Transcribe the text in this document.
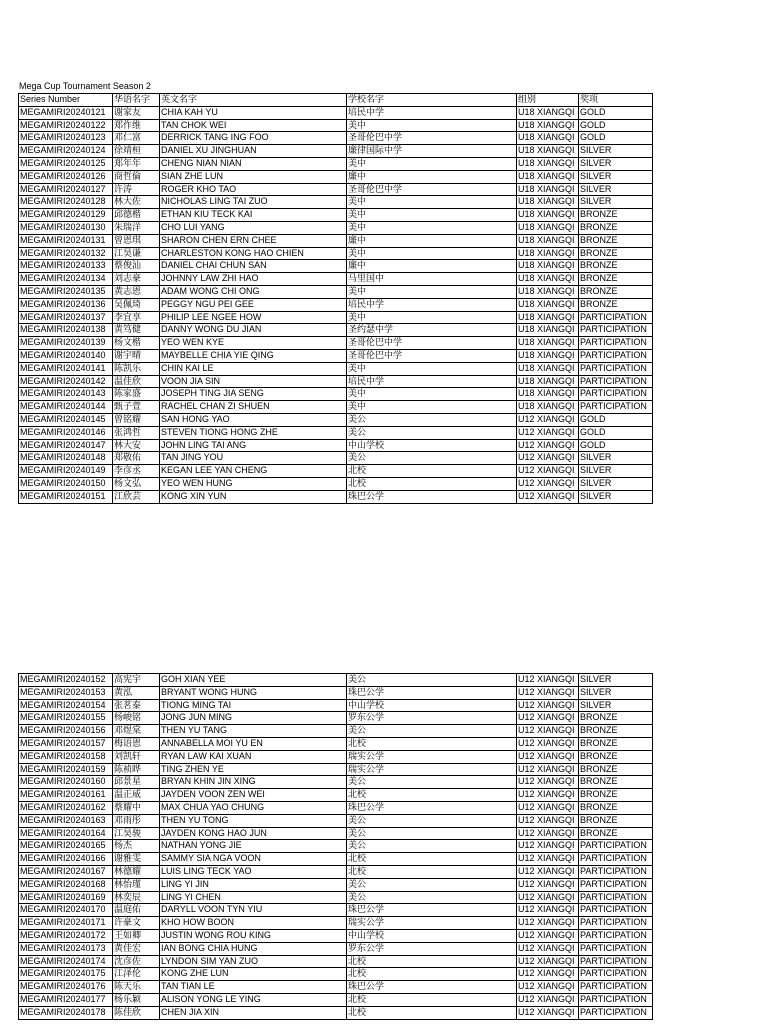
Mega Cup Tournament Season 2
Series Number	华语名字	英文名字	学校名字	组别	奖项
MEGAMIRI20240121	谢家友	CHIA KAH YU	培民中学	U18 XIANGQI	GOLD
MEGAMIRI20240122	郑作维	TAN CHOK WEI	美中	U18 XIANGQI	GOLD
MEGAMIRI20240123	邓仁富	DERRICK TANG ING FOO	圣哥伦巴中学	U18 XIANGQI	GOLD
MEGAMIRI20240124	徐靖桓	DANIEL XU JINGHUAN	廉律国际中学	U18 XIANGQI	SILVER
MEGAMIRI20240125	郑年年	CHENG NIAN NIAN	美中	U18 XIANGQI	SILVER
MEGAMIRI20240126	商哲倫	SIAN ZHE LUN	廉中	U18 XIANGQI	SILVER
MEGAMIRI20240127	许涛	ROGER KHO TAO	圣哥伦巴中学	U18 XIANGQI	SILVER
MEGAMIRI20240128	林大佐	NICHOLAS LING TAI ZUO	美中	U18 XIANGQI	SILVER
MEGAMIRI20240129	邱德楷	ETHAN KIU TECK KAI	美中	U18 XIANGQI	BRONZE
MEGAMIRI20240130	朱瑞洋	CHO LUI YANG	美中	U18 XIANGQI	BRONZE
MEGAMIRI20240131	曾恩琪	SHARON CHEN ERN CHEE	廉中	U18 XIANGQI	BRONZE
MEGAMIRI20240132	江昊谦	CHARLESTON KONG HAO CHIEN	美中	U18 XIANGQI	BRONZE
MEGAMIRI20240133	蔡俊汕	DANIEL CHAI CHUN SAN	廉中	U18 XIANGQI	BRONZE
MEGAMIRI20240134	刘志豪	JOHNNY LAW ZHI HAO	马里国中	U18 XIANGQI	BRONZE
MEGAMIRI20240135	黄志恩	ADAM WONG CHI ONG	美中	U18 XIANGQI	BRONZE
MEGAMIRI20240136	吴佩琦	PEGGY NGU PEI GEE	培民中学	U18 XIANGQI	BRONZE
MEGAMIRI20240137	李宜享	PHILIP LEE NGEE HOW	美中	U18 XIANGQI	PARTICIPATION
MEGAMIRI20240138	黄笃健	DANNY WONG DU JIAN	圣约瑟中学	U18 XIANGQI	PARTICIPATION
MEGAMIRI20240139	杨文楷	YEO WEN KYE	圣哥伦巴中学	U18 XIANGQI	PARTICIPATION
MEGAMIRI20240140	谢宇晴	MAYBELLE CHIA YIE QING	圣哥伦巴中学	U18 XIANGQI	PARTICIPATION
MEGAMIRI20240141	陈凯乐	CHIN KAI LE	美中	U18 XIANGQI	PARTICIPATION
MEGAMIRI20240142	温佳欣	VOON JIA SIN	培民中学	U18 XIANGQI	PARTICIPATION
MEGAMIRI20240143	陈家盛	JOSEPH TING JIA SENG	美中	U18 XIANGQI	PARTICIPATION
MEGAMIRI20240144	甄子萱	RACHEL CHAN ZI SHUEN	美中	U18 XIANGQI	PARTICIPATION
MEGAMIRI20240145	曾铭耀	SAN HONG YAO	美公	U12 XIANGQI	GOLD
MEGAMIRI20240146	张鸿哲	STEVEN TIONG HONG ZHE	美公	U12 XIANGQI	GOLD
MEGAMIRI20240147	林大安	JOHN LING TAI ANG	中山学校	U12 XIANGQI	GOLD
MEGAMIRI20240148	郑敬佑	TAN JING YOU	美公	U12 XIANGQI	SILVER
MEGAMIRI20240149	李彦丞	KEGAN LEE YAN CHENG	北校	U12 XIANGQI	SILVER
MEGAMIRI20240150	杨文弘	YEO WEN HUNG	北校	U12 XIANGQI	SILVER
MEGAMIRI20240151	江欣芸	KONG XIN YUN	珠巴公学	U12 XIANGQI	SILVER
MEGAMIRI20240152	高宪宇	GOH XIAN YEE	美公	U12 XIANGQI	SILVER
MEGAMIRI20240153	黄泓	BRYANT WONG HUNG	珠巴公学	U12 XIANGQI	SILVER
MEGAMIRI20240154	张茗泰	TIONG MING TAI	中山学校	U12 XIANGQI	SILVER
MEGAMIRI20240155	杨峻铭	JONG JUN MING	罗东公学	U12 XIANGQI	BRONZE
MEGAMIRI20240156	邓煜棠	THEN YU TANG	美公	U12 XIANGQI	BRONZE
MEGAMIRI20240157	梅语恩	ANNABELLA MOI YU EN	北校	U12 XIANGQI	BRONZE
MEGAMIRI20240158	刘凯轩	RYAN LAW KAI XUAN	瑞实公学	U12 XIANGQI	BRONZE
MEGAMIRI20240159	陈祯晔	TING ZHEN YE	瑞实公学	U12 XIANGQI	BRONZE
MEGAMIRI20240160	邱景星	BRYAN KHIN JIN XING	美公	U12 XIANGQI	BRONZE
MEGAMIRI20240161	温正威	JAYDEN VOON ZEN WEI	北校	U12 XIANGQI	BRONZE
MEGAMIRI20240162	蔡耀中	MAX CHUA YAO CHUNG	珠巴公学	U12 XIANGQI	BRONZE
MEGAMIRI20240163	邓雨彤	THEN YU TONG	美公	U12 XIANGQI	BRONZE
MEGAMIRI20240164	江昊骏	JAYDEN KONG HAO JUN	美公	U12 XIANGQI	BRONZE
MEGAMIRI20240165	杨杰	NATHAN YONG JIE	美公	U12 XIANGQI	PARTICIPATION
MEGAMIRI20240166	谢雅雯	SAMMY SIA NGA VOON	北校	U12 XIANGQI	PARTICIPATION
MEGAMIRI20240167	林德耀	LUIS LING TECK YAO	北校	U12 XIANGQI	PARTICIPATION
MEGAMIRI20240168	林怡瑾	LING YI JIN	美公	U12 XIANGQI	PARTICIPATION
MEGAMIRI20240169	林奕辰	LING YI CHEN	美公	U12 XIANGQI	PARTICIPATION
MEGAMIRI20240170	温庭佑	DARYLL VOON TYN YIU	珠巴公学	U12 XIANGQI	PARTICIPATION
MEGAMIRI20240171	许豪文	KHO HOW BOON	瑞实公学	U12 XIANGQI	PARTICIPATION
MEGAMIRI20240172	王如卿	JUSTIN WONG ROU KING	中山学校	U12 XIANGQI	PARTICIPATION
MEGAMIRI20240173	黄佳宏	IAN BONG CHIA HUNG	罗东公学	U12 XIANGQI	PARTICIPATION
MEGAMIRI20240174	沈彦佐	LYNDON SIM YAN ZUO	北校	U12 XIANGQI	PARTICIPATION
MEGAMIRI20240175	江泽伦	KONG ZHE LUN	北校	U12 XIANGQI	PARTICIPATION
MEGAMIRI20240176	陈天乐	TAN TIAN LE	珠巴公学	U12 XIANGQI	PARTICIPATION
MEGAMIRI20240177	杨乐颖	ALISON YONG LE YING	北校	U12 XIANGQI	PARTICIPATION
MEGAMIRI20240178	陈佳欣	CHEN JIA XIN	北校	U12 XIANGQI	PARTICIPATION
